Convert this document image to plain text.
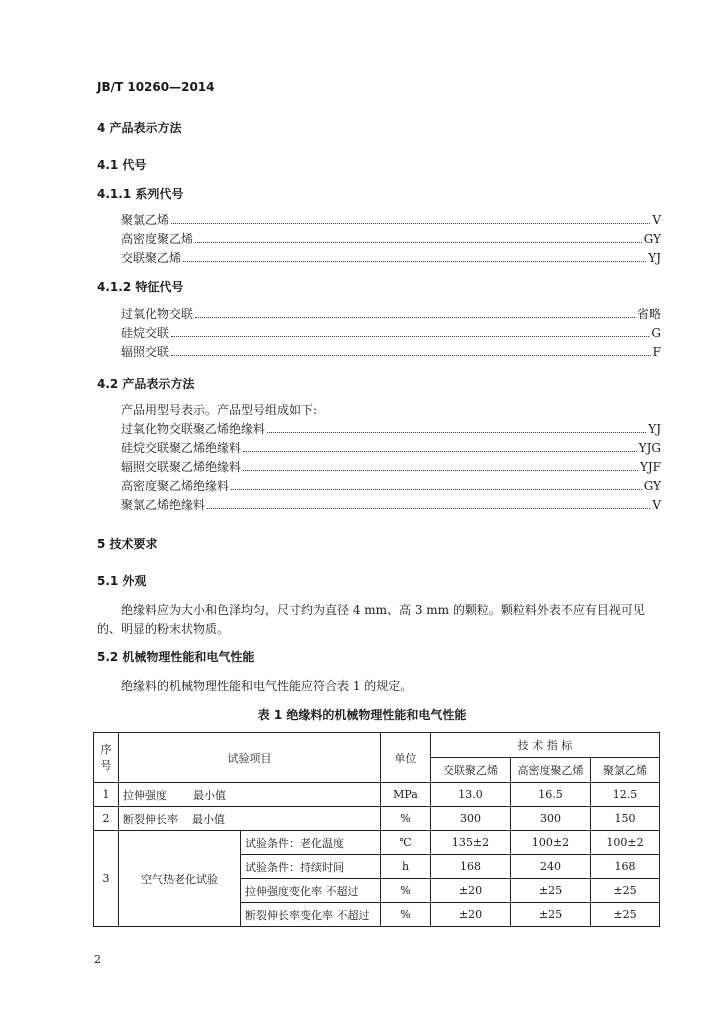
JB/T 10260—2014
4 产品表示方法
4.1 代号
4.1.1 系列代号
聚氯乙烯	V
高密度聚乙烯	GY
交联聚乙烯	YJ
4.1.2 特征代号
过氧化物交联	省略
硅烷交联	G
辐照交联	F
4.2 产品表示方法
产品用型号表示。产品型号组成如下:
过氧化物交联聚乙烯绝缘料	YJ
硅烷交联聚乙烯绝缘料	YJG
辐照交联聚乙烯绝缘料	YJF
高密度聚乙烯绝缘料	GY
聚氯乙烯绝缘料	V
5 技术要求
5.1 外观
绝缘料应为大小和色泽均匀，尺寸约为直径 4 mm、高 3 mm 的颗粒。颗粒料外表不应有目视可见
的、明显的粉末状物质。
5.2 机械物理性能和电气性能
绝缘料的机械物理性能和电气性能应符合表 1 的规定。
表 1 绝缘料的机械物理性能和电气性能
序号	试验项目		单位	技 术 指 标		
				交联聚乙烯	高密度聚乙烯	聚氯乙烯
1	拉伸强度 最小值		MPa	13.0	16.5	12.5
2	断裂伸长率 最小值		%	300	300	150
3	空气热老化试验	试验条件：老化温度	℃	135±2	100±2	100±2
		试验条件：持续时间	h	168	240	168
		拉伸强度变化率 不超过	%	±20	±25	±25
		断裂伸长率变化率 不超过	%	±20	±25	±25
2
